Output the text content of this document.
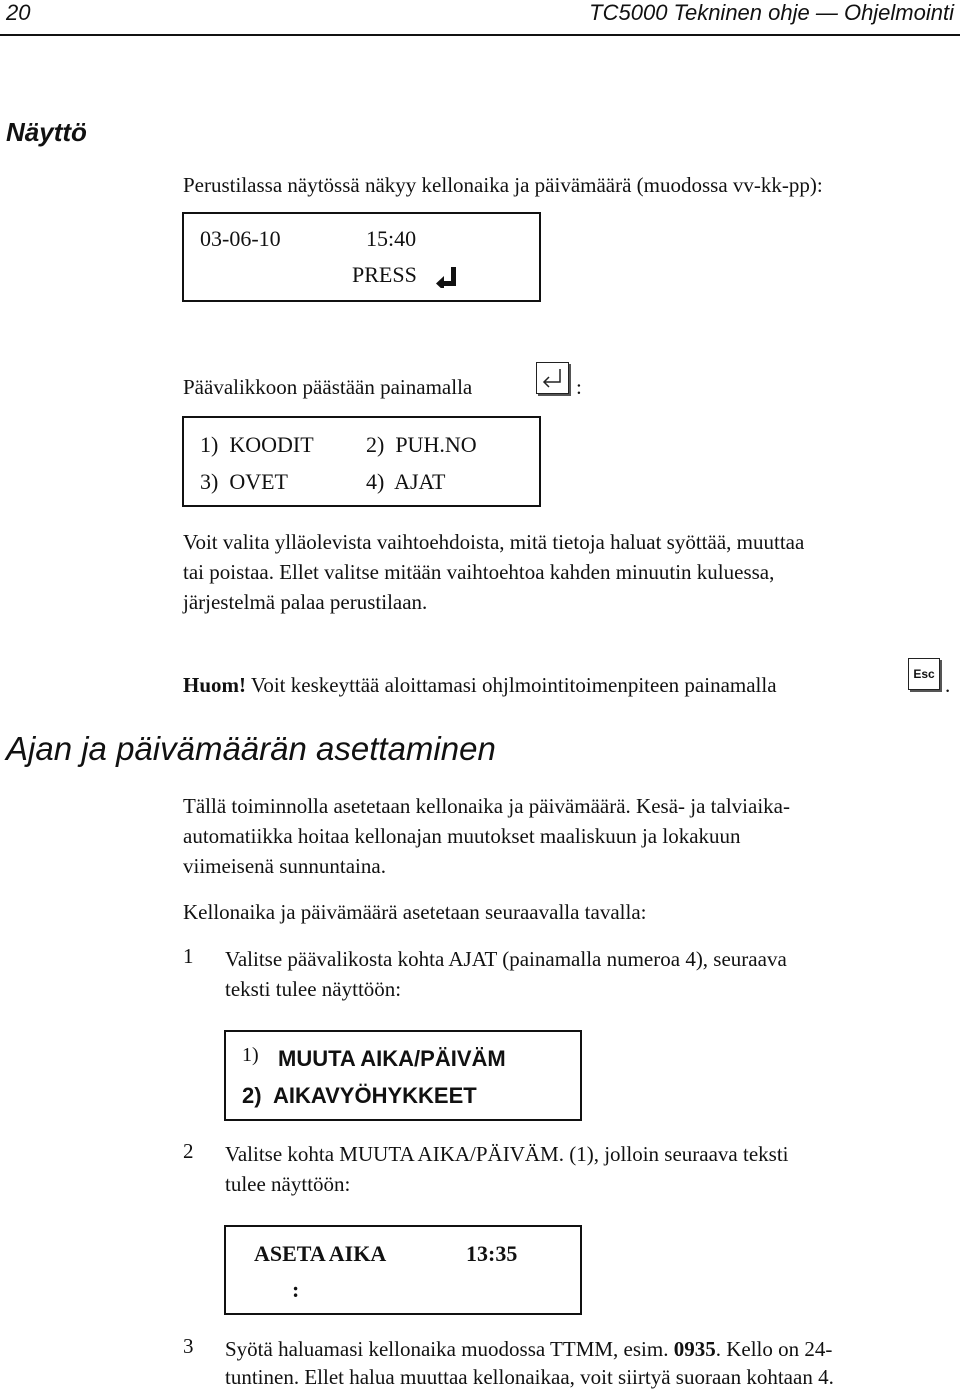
20	TC5000 Tekninen ohje — Ohjelmointi
Näyttö
Perustilassa näytössä näkyy kellonaika ja päivämäärä (muodossa vv-kk-pp):
03-06-10	15:40
PRESS
Päävalikkoon päästään painamalla	:
1)  KOODIT 2)  PUH.NO
3)  OVET	4)  AJAT
Voit valita ylläolevista vaihtoehdoista, mitä tietoja haluat syöttää, muuttaa
tai poistaa. Ellet valitse mitään vaihtoehtoa kahden minuutin kuluessa,
järjestelmä palaa perustilaan.
Huom! Voit keskeyttää aloittamasi ohjlmointitoimenpiteen painamalla	Esc .
Ajan ja päivämäärän asettaminen
Tällä toiminnolla asetetaan kellonaika ja päivämäärä. Kesä- ja talviaika-
automatiikka hoitaa kellonajan muutokset maaliskuun ja lokakuun
viimeisenä sunnuntaina.
Kellonaika ja päivämäärä asetetaan seuraavalla tavalla:
1 Valitse päävalikosta kohta AJAT (painamalla numeroa 4), seuraava
teksti tulee näyttöön:
1) MUUTA AIKA/PÄIVÄM
2)  AIKAVYÖHYKKEET
2 Valitse kohta MUUTA AIKA/PÄIVÄM. (1), jolloin seuraava teksti
tulee näyttöön:
ASETA AIKA	13:35
:
3 Syötä haluamasi kellonaika muodossa TTMM, esim. 0935. Kello on 24-
tuntinen. Ellet halua muuttaa kellonaikaa, voit siirtyä suoraan kohtaan 4.
